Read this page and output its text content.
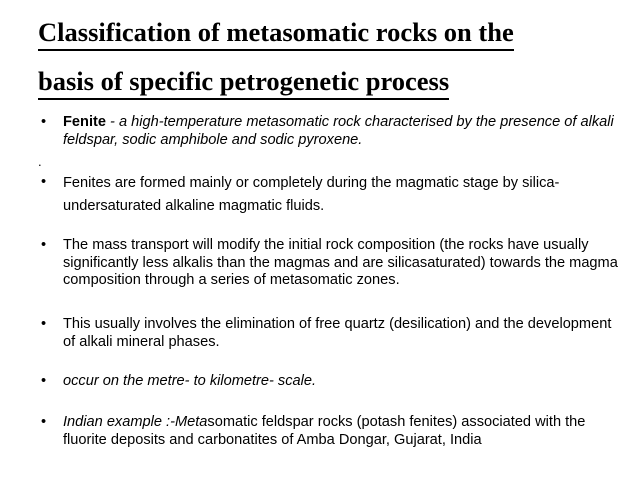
Classification of metasomatic rocks on the
basis of specific petrogenetic process
• Fenite - a high-temperature metasomatic rock characterised by the presence of alkali feldspar, sodic amphibole and sodic pyroxene.
.
• Fenites are formed mainly or completely during the magmatic stage by silica-undersaturated alkaline magmatic fluids.
• The mass transport will modify the initial rock composition (the rocks have usually significantly less alkalis than the magmas and are silicasaturated) towards the magma composition through a series of metasomatic zones.
• This usually involves the elimination of free quartz (desilication) and the development of alkali mineral phases.
• occur on the metre- to kilometre- scale.
• Indian example :-Metasomatic feldspar rocks (potash fenites) associated with the fluorite deposits and carbonatites of Amba Dongar, Gujarat, India
